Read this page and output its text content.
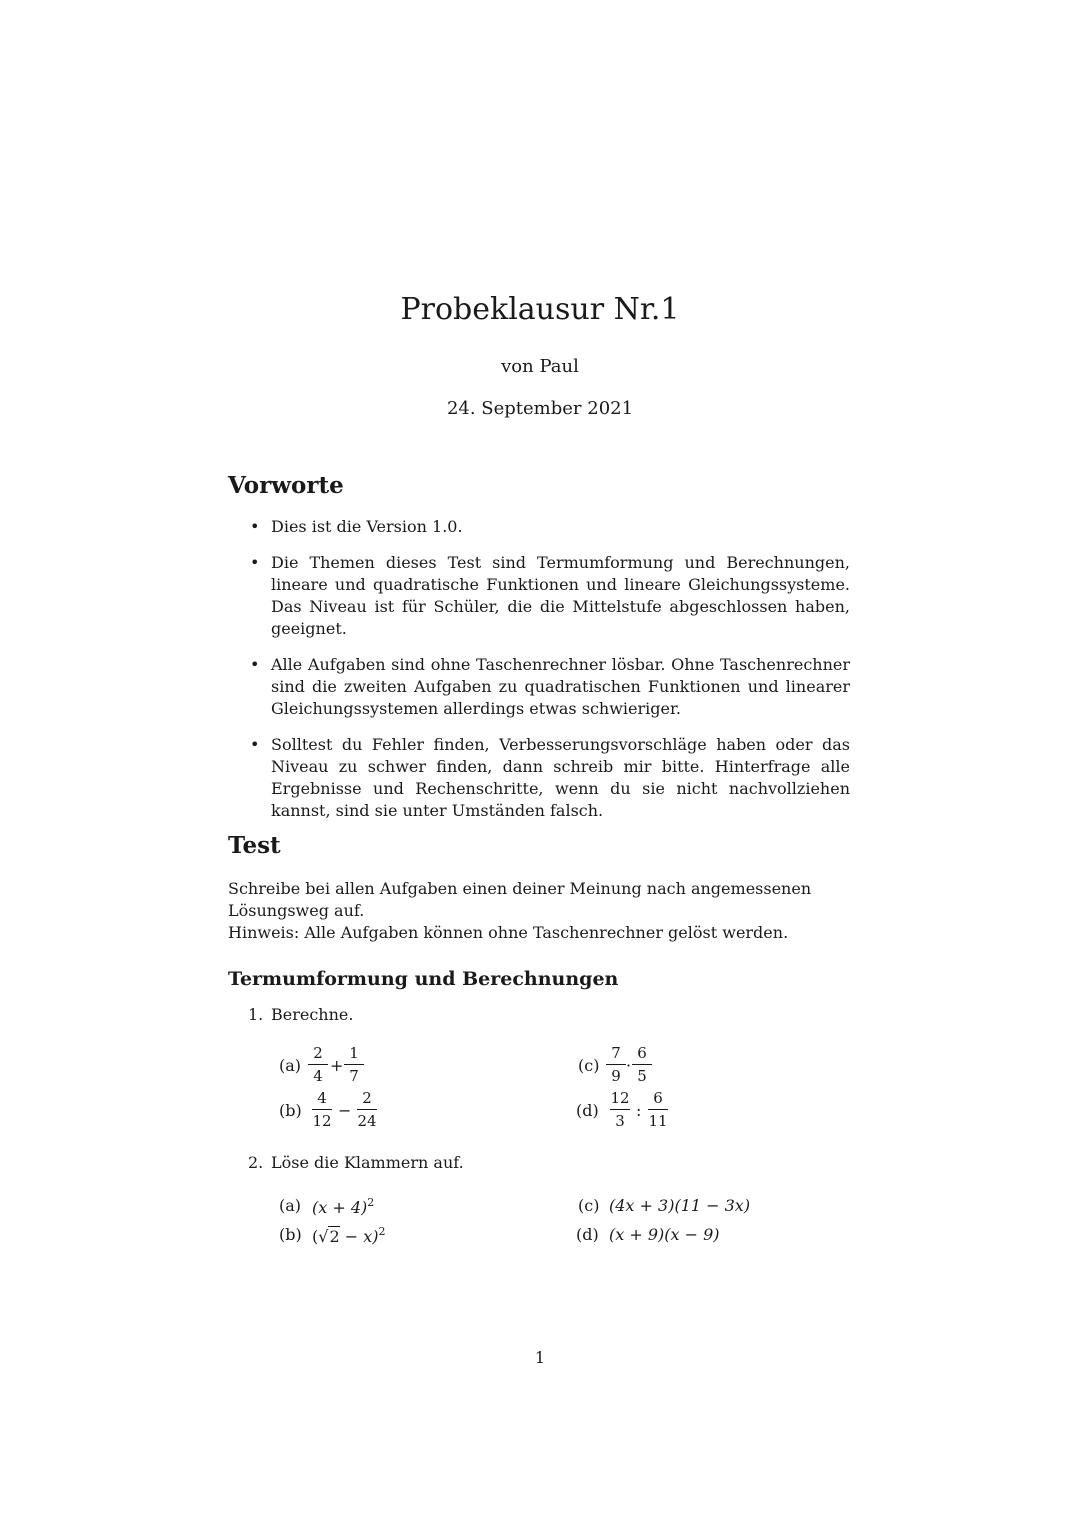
Probeklausur Nr.1
von Paul
24. September 2021
Vorworte
• Dies ist die Version 1.0.
• Die Themen dieses Test sind Termumformung und Berechnungen, lineare und quadratische Funktionen und lineare Gleichungssysteme. Das Niveau ist für Schüler, die die Mittelstufe abgeschlossen haben, geeignet.
• Alle Aufgaben sind ohne Taschenrechner lösbar. Ohne Taschenrechner sind die zweiten Aufgaben zu quadratischen Funktionen und linearer Gleichungssystemen allerdings etwas schwieriger.
• Solltest du Fehler finden, Verbesserungsvorschläge haben oder das Niveau zu schwer finden, dann schreib mir bitte. Hinterfrage alle Ergebnisse und Rechenschritte, wenn du sie nicht nachvollziehen kannst, sind sie unter Umständen falsch.
Test
Schreibe bei allen Aufgaben einen deiner Meinung nach angemessenen Lösungsweg auf.
Hinweis: Alle Aufgaben können ohne Taschenrechner gelöst werden.
Termumformung und Berechnungen
1. Berechne.
(a)
2
4
+
1
7
(b)
4
12
−
2
24
(c)
7
9
·
6
5
(d)
12
3
:
6
11
2. Löse die Klammern auf.
(a) $(x + 4)^2$
(b) $(√2 - x)^2$
(c) (4x + 3)(11 − 3x)
(d) (x + 9)(x − 9)
1
